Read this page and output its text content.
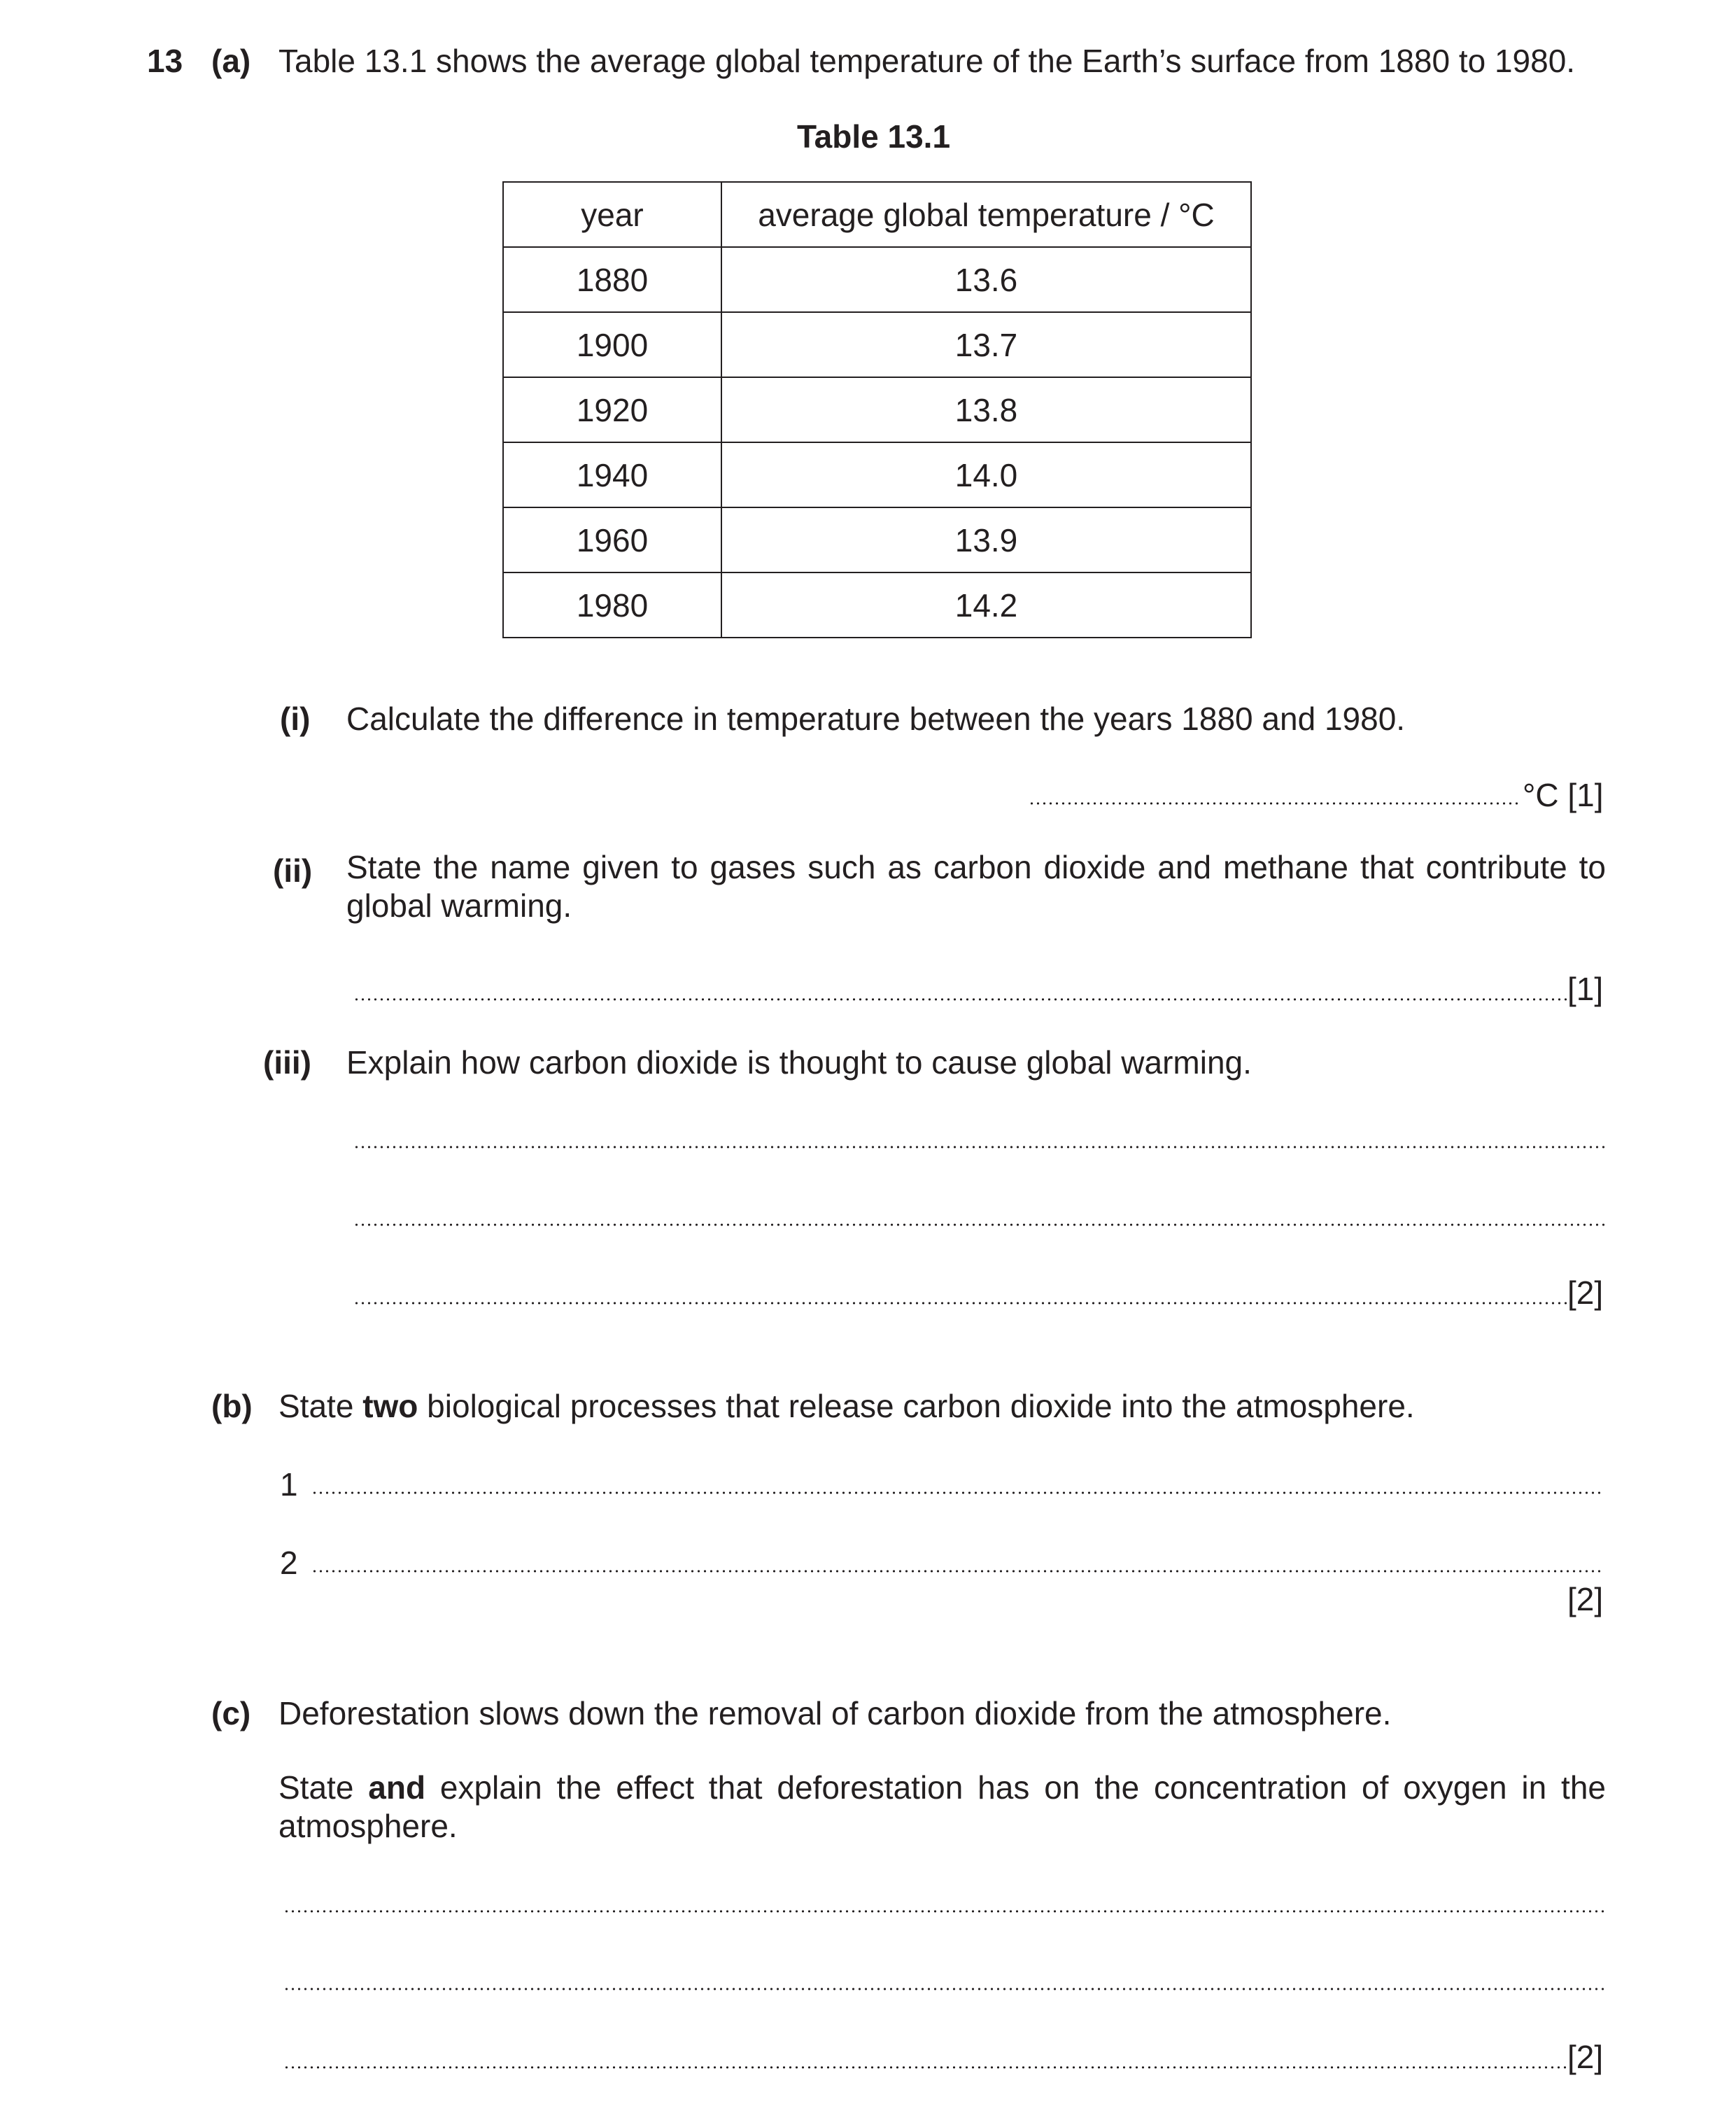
13 (a) Table 13.1 shows the average global temperature of the Earth’s surface from 1880 to 1980.
Table 13.1
year	average global temperature / °C
1880	13.6
1900	13.7
1920	13.8
1940	14.0
1960	13.9
1980	14.2
(i) Calculate the difference in temperature between the years 1880 and 1980.
°C [1]
(ii) State the name given to gases such as carbon dioxide and methane that contribute to global warming.
[1]
(iii) Explain how carbon dioxide is thought to cause global warming.
[2]
(b) State two biological processes that release carbon dioxide into the atmosphere.
1
2
[2]
(c) Deforestation slows down the removal of carbon dioxide from the atmosphere.
State and explain the effect that deforestation has on the concentration of oxygen in the atmosphere.
[2]
